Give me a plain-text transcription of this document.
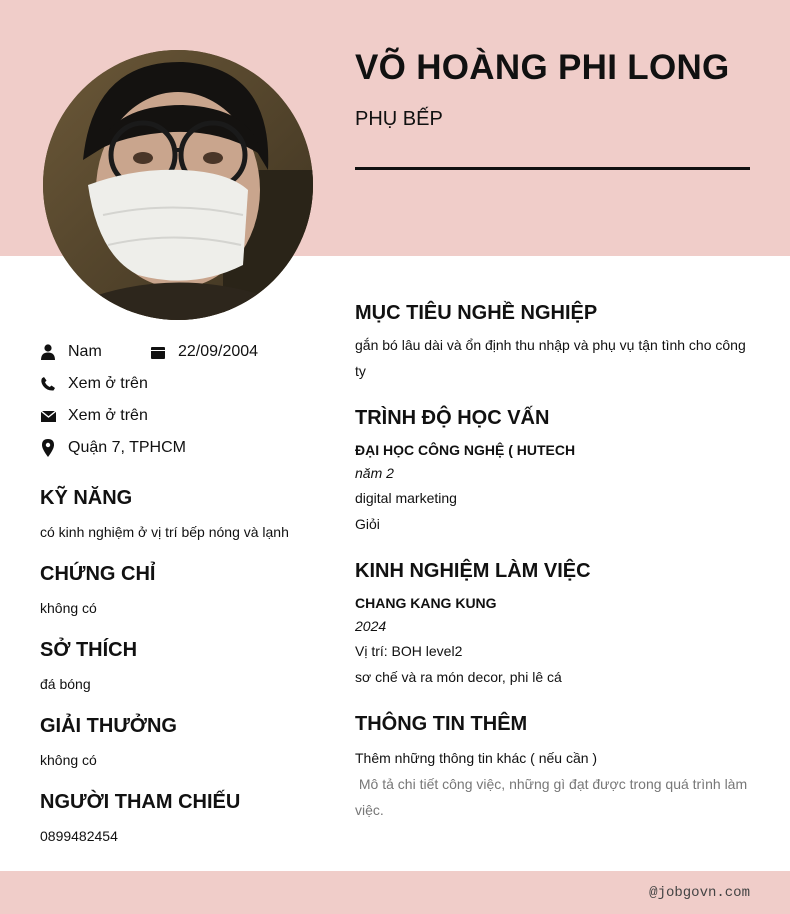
VÕ HOÀNG PHI LONG
PHỤ BẾP
Nam	22/09/2004
Xem ở trên
Xem ở trên
Quận 7, TPHCM
KỸ NĂNG
có kinh nghiệm ở vị trí bếp nóng và lạnh
CHỨNG CHỈ
không có
SỞ THÍCH
đá bóng
GIẢI THƯỞNG
không có
NGƯỜI THAM CHIẾU
0899482454
MỤC TIÊU NGHỀ NGHIỆP
gắn bó lâu dài và ổn định thu nhập và phụ vụ tận tình cho công
ty
TRÌNH ĐỘ HỌC VẤN
ĐẠI HỌC CÔNG NGHỆ ( HUTECH
năm 2
digital marketing
Giỏi
KINH NGHIỆM LÀM VIỆC
CHANG KANG KUNG
2024
Vị trí: BOH level2
sơ chế và ra món decor, phi lê cá
THÔNG TIN THÊM
Thêm những thông tin khác ( nếu cần )
Mô tả chi tiết công việc, những gì đạt được trong quá trình làm
việc.
@jobgovn.com
